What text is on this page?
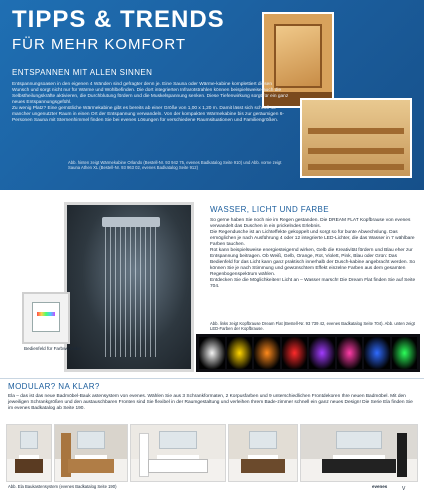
TIPPS & TRENDS
FÜR MEHR KOMFORT
ENTSPANNEN MIT ALLEN SINNEN

Entspannungsoasen in den eigenen 4 Wänden sind gefragter denn je. Eine Sauna oder Wärme-kabine komplettiert diesen Wunsch und sorgt nicht nur für Wärme und Wohlbefinden. Die dort integrierten Infrarotstrahlen können beispielsweise auch die Selbstheilungskräfte aktivieren, die Durchblutung fördern und die Muskelspannung senken. Diese Tiefenwirkung sorgt für ein ganz neues Entspannungsgefühl.

Zu wenig Platz? Eine gemütliche Wärmekabine gibt es bereits ab einer Größe von 1,00 x 1,20 m. Damit lässt sich schnell so mancher ungenutzter Raum in einen Ort der Entspannung verwandeln. Von der kompakten Wärmekabine bis zur geräumigen 6-Personen Sauna mit Sternenhimmel finden Sie bei evenes Lösungen für verschiedene Raumsituationen und Familiengrößen.

Abb. hinten zeigt Wärmekabine Orlando (Bestell-Nr. 93 942 75, evenes Badkatalog Seite 910) und Abb. vorne zeigt Sauna Athen XL (Bestell-Nr. 93 963 02, evenes Badkatalog Seite 912)
Bedienfeld für Farbwechsler
WASSER, LICHT UND FARBE

So gerne haben Sie noch nie im Regen gestanden. Die DREAM FLAT Kopfbrause von evenes verwandelt das Duschen in ein prickelndes Erlebnis.

Die Regendusche ist an Lichteffekte gekoppelt und sorgt so für bunte Abwechslung. Das ermöglichen je nach Ausführung 4 oder 12 integrierte LED-Lichter, die das Wasser in 7 wählbare Farben tauchen.

Rot kann beispielsweise energiesteigernd wirken, Gelb die Kreativität fördern und Blau eher zur Entspannung beitragen. Ob Weiß, Gelb, Orange, Rot, Violett, Pink, Blau oder Grün: Das Bedienfeld für das Licht kann ganz praktisch innerhalb der Dusch-kabine angebracht werden. So können Sie je nach Stimmung und gewünschtem Effekt einzelne Farben aus dem gesamten Regenbogenspektrum wählen.

Entdecken Sie die Möglichkeiten! Licht an – Wasser marsch! Die Dream Flat finden Sie auf Seite 704.

Abb. links zeigt Kopfbrause Dream Flat (Bestell-Nr. 93 739 42, evenes Badkatalog Seite 704). Abb. unten zeigt LED-Farben der Kopfbrause.
MODULAR? NA KLAR?

Ela – das ist das neue Badmöbel-Bauk astensystem von evenes. Wählen Sie aus 3 Schrankformaten, 2 Korpusfarben und 9 unterschiedlichen Frontdekoren Ihre neuen Badmöbel. Mit den jeweiligen Schrankgrößen und den austauschbaren Fronten sind Sie flexibel in der Raumgestaltung und verleihen Ihrem Bade-zimmer schnell ein ganz neues Design! Die Serie Ela finden Sie im evenes Badkatalog ab Seite 190.

Abb. Ela Baukastensystem (evenes Badkatalog Seite 190)	evenes	V
